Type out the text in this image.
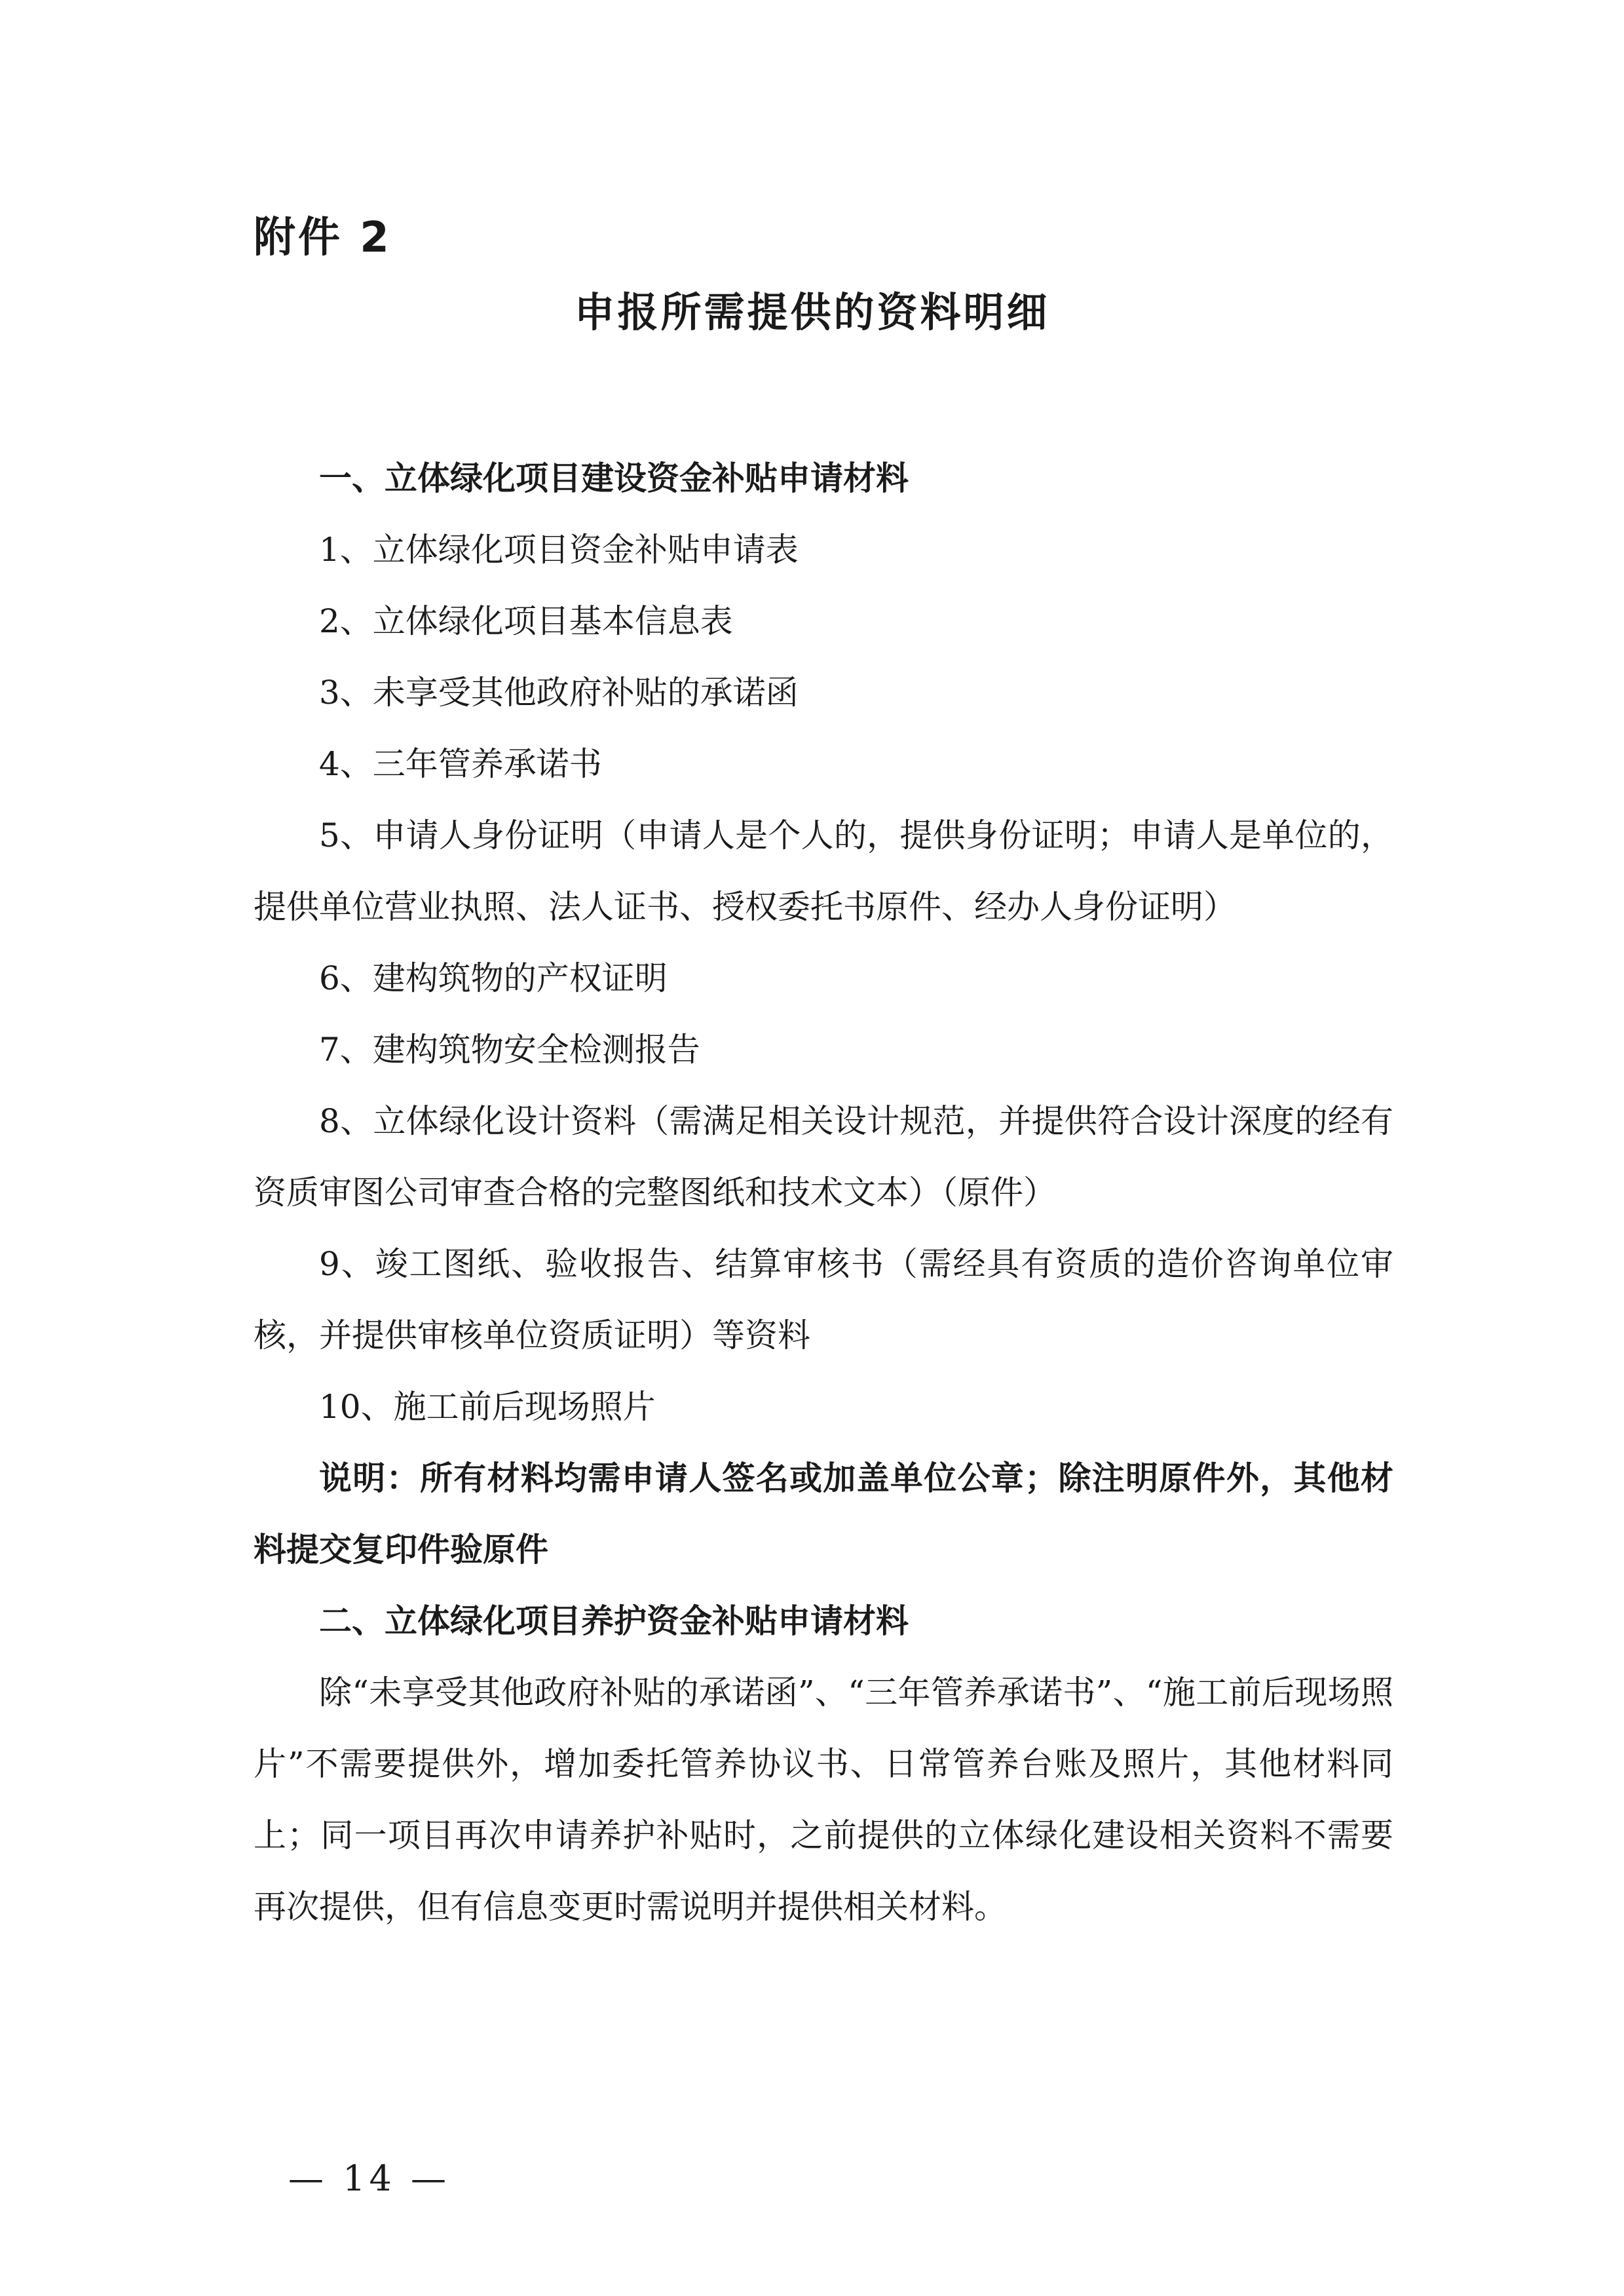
附件 2
申报所需提供的资料明细

一、立体绿化项目建设资金补贴申请材料

1、立体绿化项目资金补贴申请表

2、立体绿化项目基本信息表

3、未享受其他政府补贴的承诺函

4、三年管养承诺书

5、申请人身份证明（申请人是个人的，提供身份证明；申请人是单位的，提供单位营业执照、法人证书、授权委托书原件、经办人身份证明）

6、建构筑物的产权证明

7、建构筑物安全检测报告

8、立体绿化设计资料（需满足相关设计规范，并提供符合设计深度的经有资质审图公司审查合格的完整图纸和技术文本）（原件）

9、竣工图纸、验收报告、结算审核书（需经具有资质的造价咨询单位审核，并提供审核单位资质证明）等资料

10、施工前后现场照片

说明：所有材料均需申请人签名或加盖单位公章；除注明原件外，其他材料提交复印件验原件

二、立体绿化项目养护资金补贴申请材料

除“未享受其他政府补贴的承诺函”、“三年管养承诺书”、“施工前后现场照片”不需要提供外，增加委托管养协议书、日常管养台账及照片，其他材料同上；同一项目再次申请养护补贴时，之前提供的立体绿化建设相关资料不需要再次提供，但有信息变更时需说明并提供相关材料。

— 14 —
